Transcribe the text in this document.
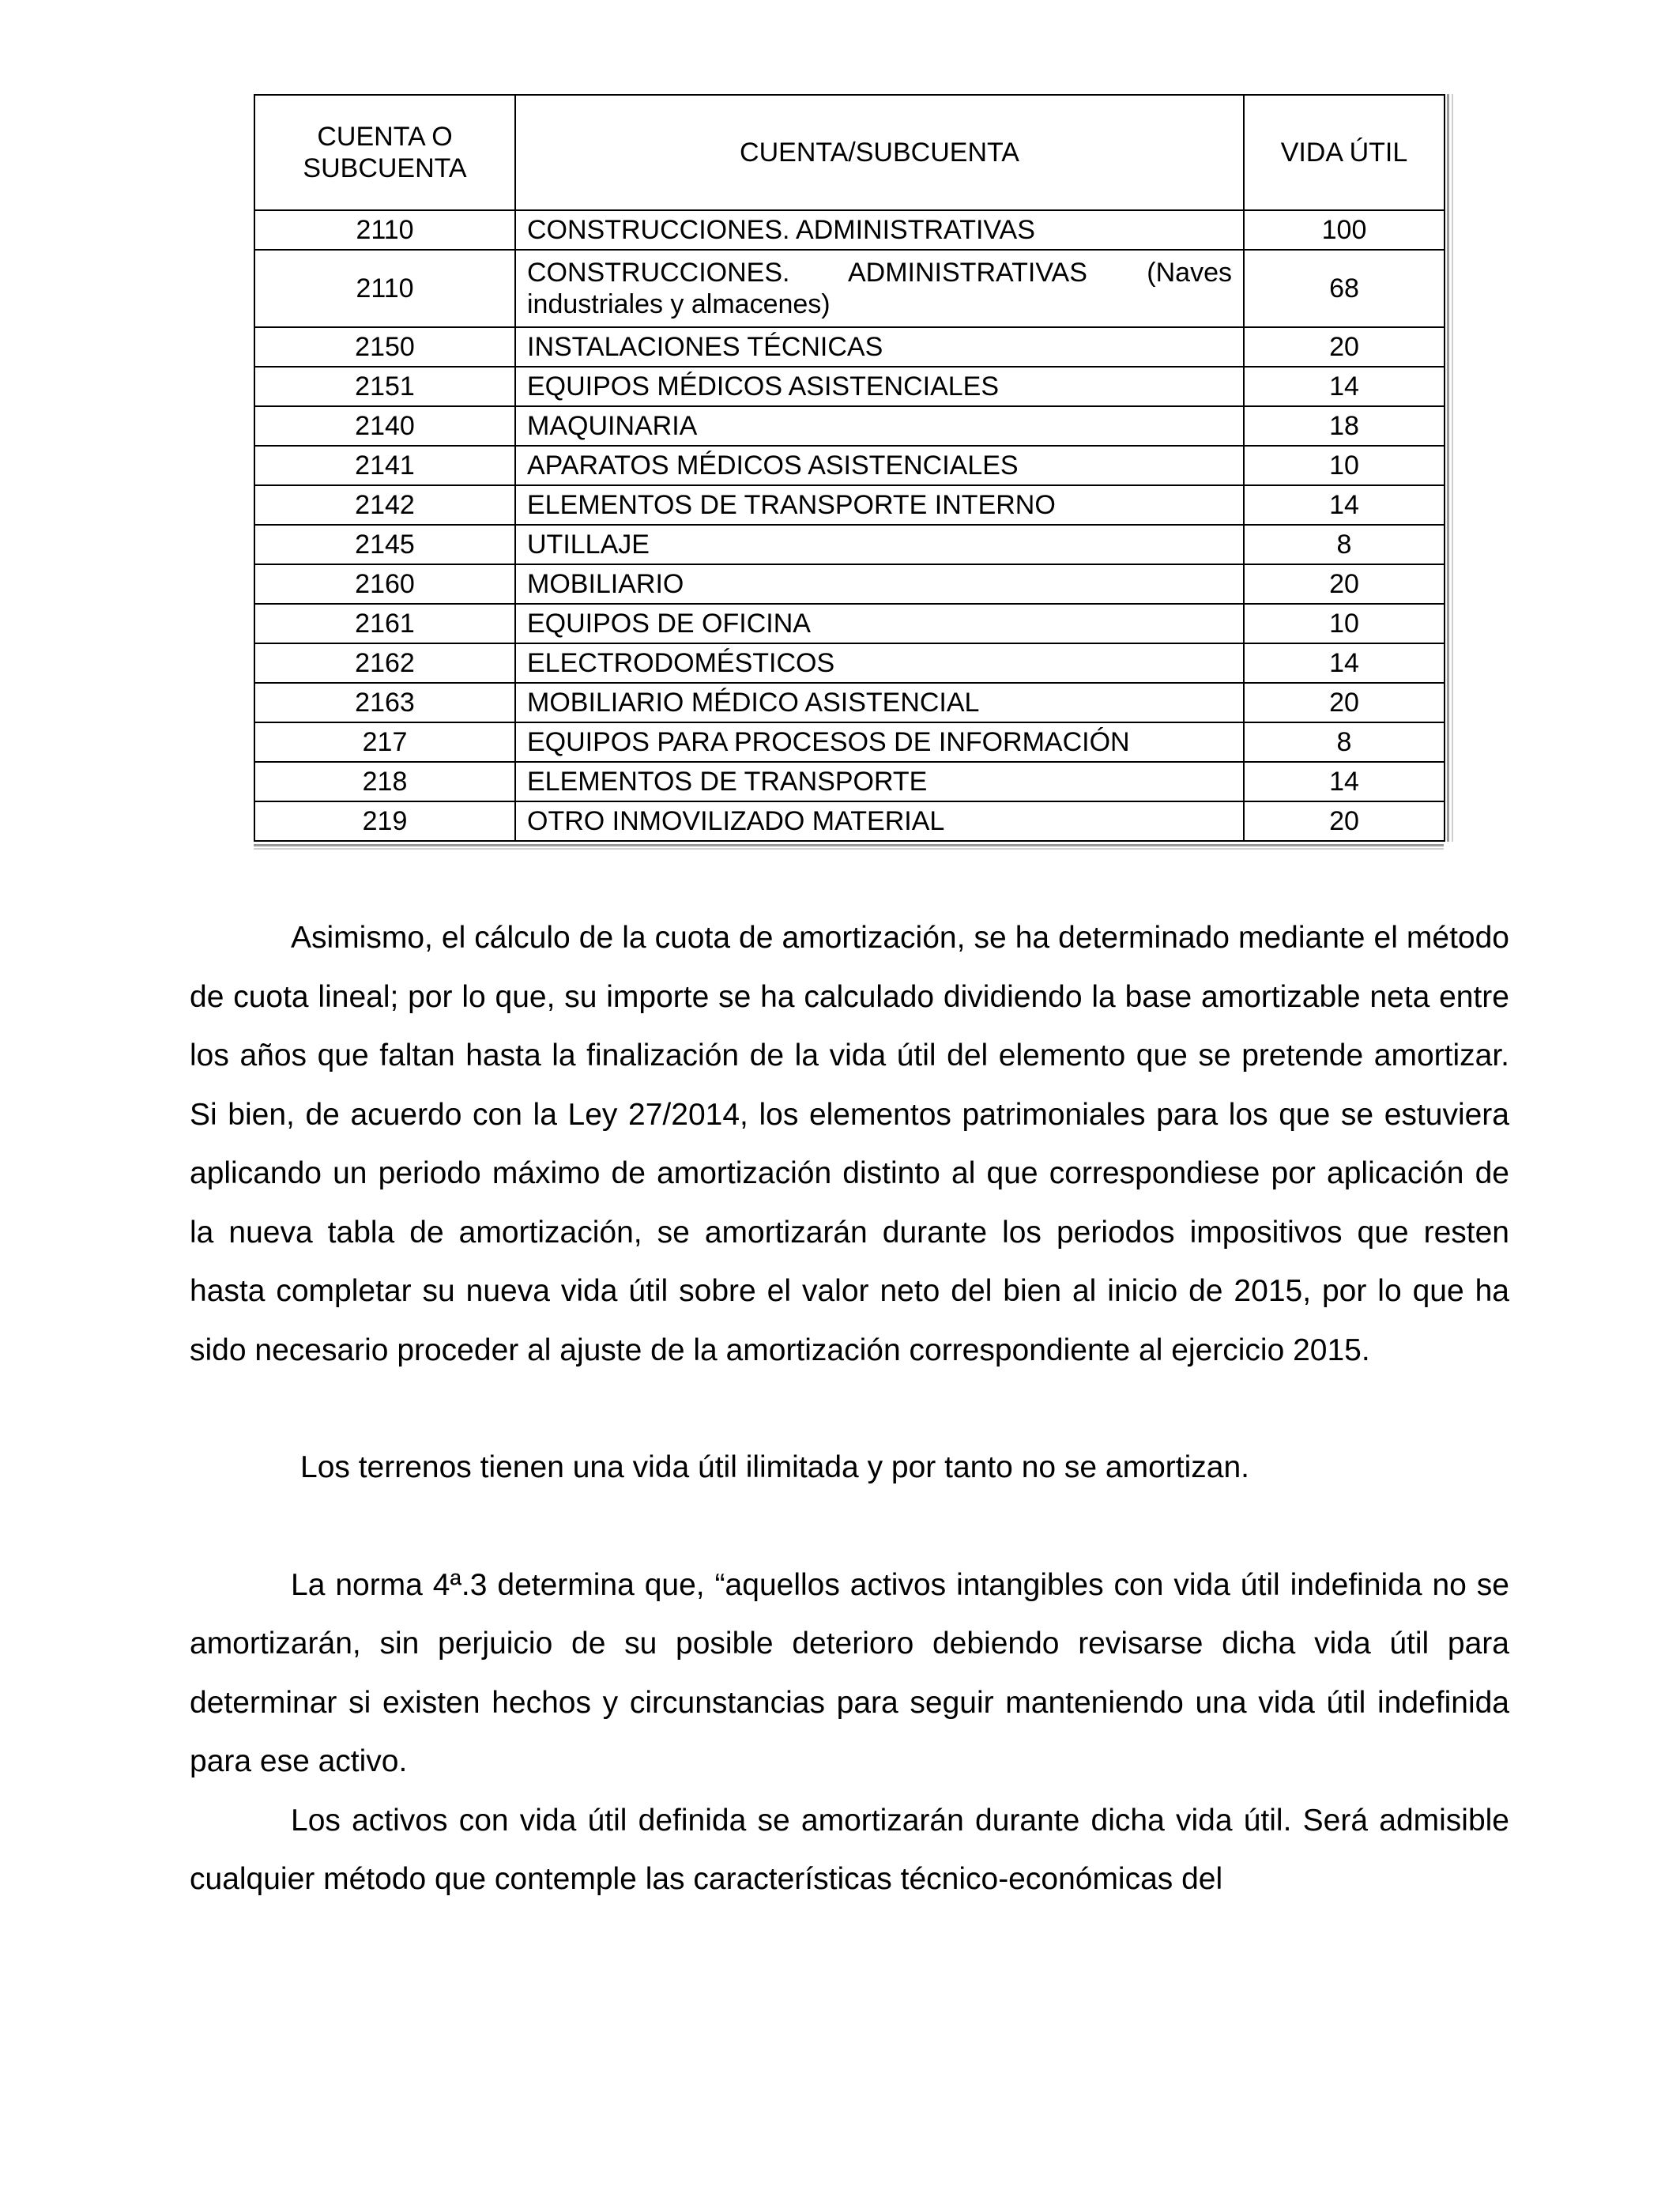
CUENTA O SUBCUENTA	CUENTA/SUBCUENTA	VIDA ÚTIL
2110	CONSTRUCCIONES. ADMINISTRATIVAS	100
2110	CONSTRUCCIONES. ADMINISTRATIVAS (Naves industriales y almacenes)	68
2150	INSTALACIONES TÉCNICAS	20
2151	EQUIPOS MÉDICOS ASISTENCIALES	14
2140	MAQUINARIA	18
2141	APARATOS MÉDICOS ASISTENCIALES	10
2142	ELEMENTOS DE TRANSPORTE INTERNO	14
2145	UTILLAJE	8
2160	MOBILIARIO	20
2161	EQUIPOS DE OFICINA	10
2162	ELECTRODOMÉSTICOS	14
2163	MOBILIARIO MÉDICO ASISTENCIAL	20
217	EQUIPOS PARA PROCESOS DE INFORMACIÓN	8
218	ELEMENTOS DE TRANSPORTE	14
219	OTRO INMOVILIZADO MATERIAL	20

Asimismo, el cálculo de la cuota de amortización, se ha determinado mediante el método de cuota lineal; por lo que, su importe se ha calculado dividiendo la base amortizable neta entre los años que faltan hasta la finalización de la vida útil del elemento que se pretende amortizar. Si bien, de acuerdo con la Ley 27/2014, los elementos patrimoniales para los que se estuviera aplicando un periodo máximo de amortización distinto al que correspondiese por aplicación de la nueva tabla de amortización, se amortizarán durante los periodos impositivos que resten hasta completar su nueva vida útil sobre el valor neto del bien al inicio de 2015, por lo que ha sido necesario proceder al ajuste de la amortización correspondiente al ejercicio 2015.

Los terrenos tienen una vida útil ilimitada y por tanto no se amortizan.

La norma 4ª.3 determina que, “aquellos activos intangibles con vida útil indefinida no se amortizarán, sin perjuicio de su posible deterioro debiendo revisarse dicha vida útil para determinar si existen hechos y circunstancias para seguir manteniendo una vida útil indefinida para ese activo.

Los activos con vida útil definida se amortizarán durante dicha vida útil. Será admisible cualquier método que contemple las características técnico-económicas del
